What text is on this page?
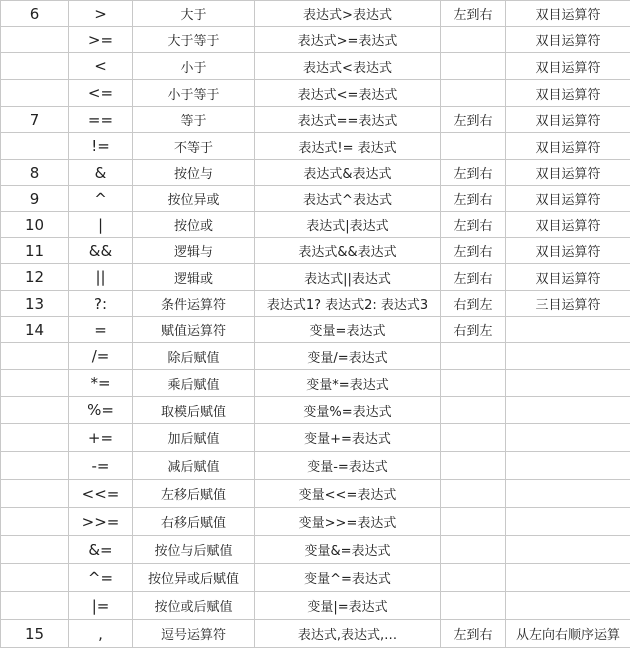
6	>	大于	表达式>表达式	左到右	双目运算符
	>=	大于等于	表达式>=表达式		双目运算符
	<	小于	表达式<表达式		双目运算符
	<=	小于等于	表达式<=表达式		双目运算符
7	==	等于	表达式==表达式	左到右	双目运算符
	!=	不等于	表达式!= 表达式		双目运算符
8	&	按位与	表达式&表达式	左到右	双目运算符
9	^	按位异或	表达式^表达式	左到右	双目运算符
10	|	按位或	表达式|表达式	左到右	双目运算符
11	&&	逻辑与	表达式&&表达式	左到右	双目运算符
12	||	逻辑或	表达式||表达式	左到右	双目运算符
13	?:	条件运算符	表达式1? 表达式2: 表达式3	右到左	三目运算符
14	=	赋值运算符	变量=表达式	右到左	
	/=	除后赋值	变量/=表达式		
	*=	乘后赋值	变量*=表达式		
	%=	取模后赋值	变量%=表达式		
	+=	加后赋值	变量+=表达式		
	-=	减后赋值	变量-=表达式		
	<<=	左移后赋值	变量<<=表达式		
	>>=	右移后赋值	变量>>=表达式		
	&=	按位与后赋值	变量&=表达式		
	^=	按位异或后赋值	变量^=表达式		
	|=	按位或后赋值	变量|=表达式		
15	,	逗号运算符	表达式,表达式,…	左到右	从左向右顺序运算
